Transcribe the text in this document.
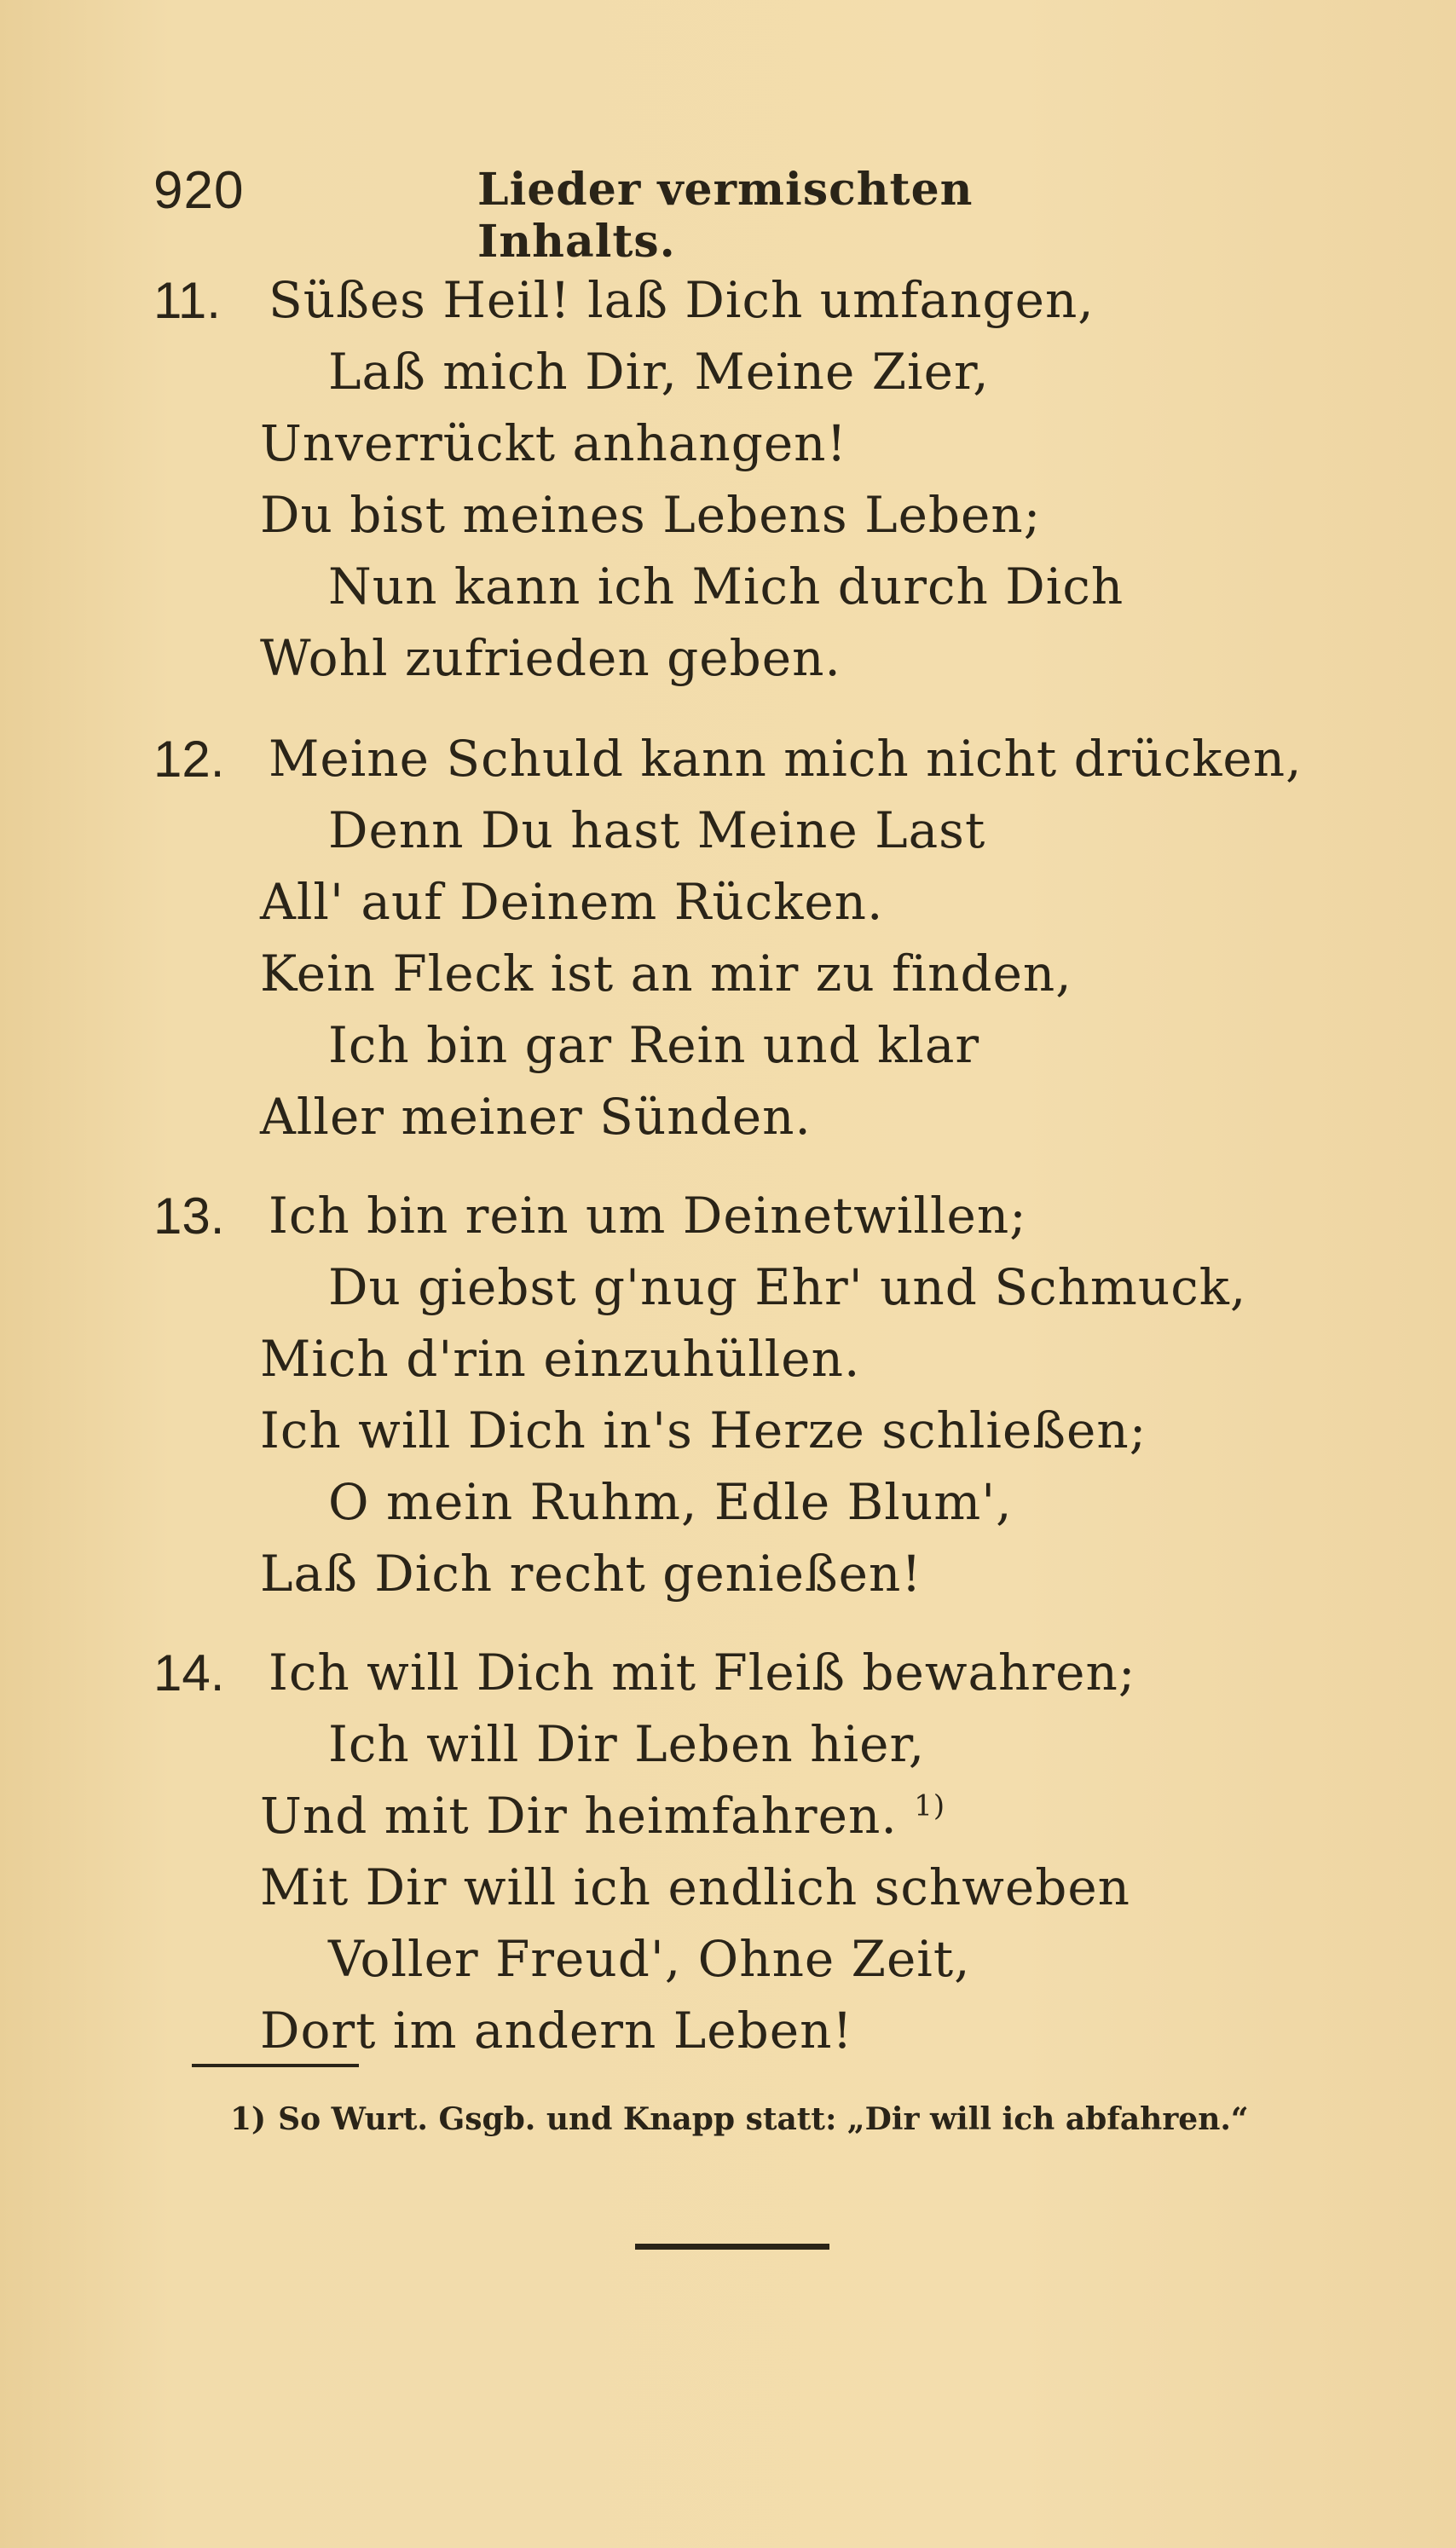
920	Lieder vermischten Inhalts.
11. Süßes Heil! laß Dich umfangen,
Laß mich Dir, Meine Zier,
Unverrückt anhangen!
Du bist meines Lebens Leben;
Nun kann ich Mich durch Dich
Wohl zufrieden geben.
12. Meine Schuld kann mich nicht drücken,
Denn Du hast Meine Last
All' auf Deinem Rücken.
Kein Fleck ist an mir zu finden,
Ich bin gar Rein und klar
Aller meiner Sünden.
13. Ich bin rein um Deinetwillen;
Du giebst g'nug Ehr' und Schmuck,
Mich d'rin einzuhüllen.
Ich will Dich in's Herze schließen;
O mein Ruhm, Edle Blum',
Laß Dich recht genießen!
14. Ich will Dich mit Fleiß bewahren;
Ich will Dir Leben hier,
Und mit Dir heimfahren. $^{1)}$
Mit Dir will ich endlich schweben
Voller Freud', Ohne Zeit,
Dort im andern Leben!
1) So Wurt. Gsgb. und Knapp statt: „Dir will ich abfahren.“
